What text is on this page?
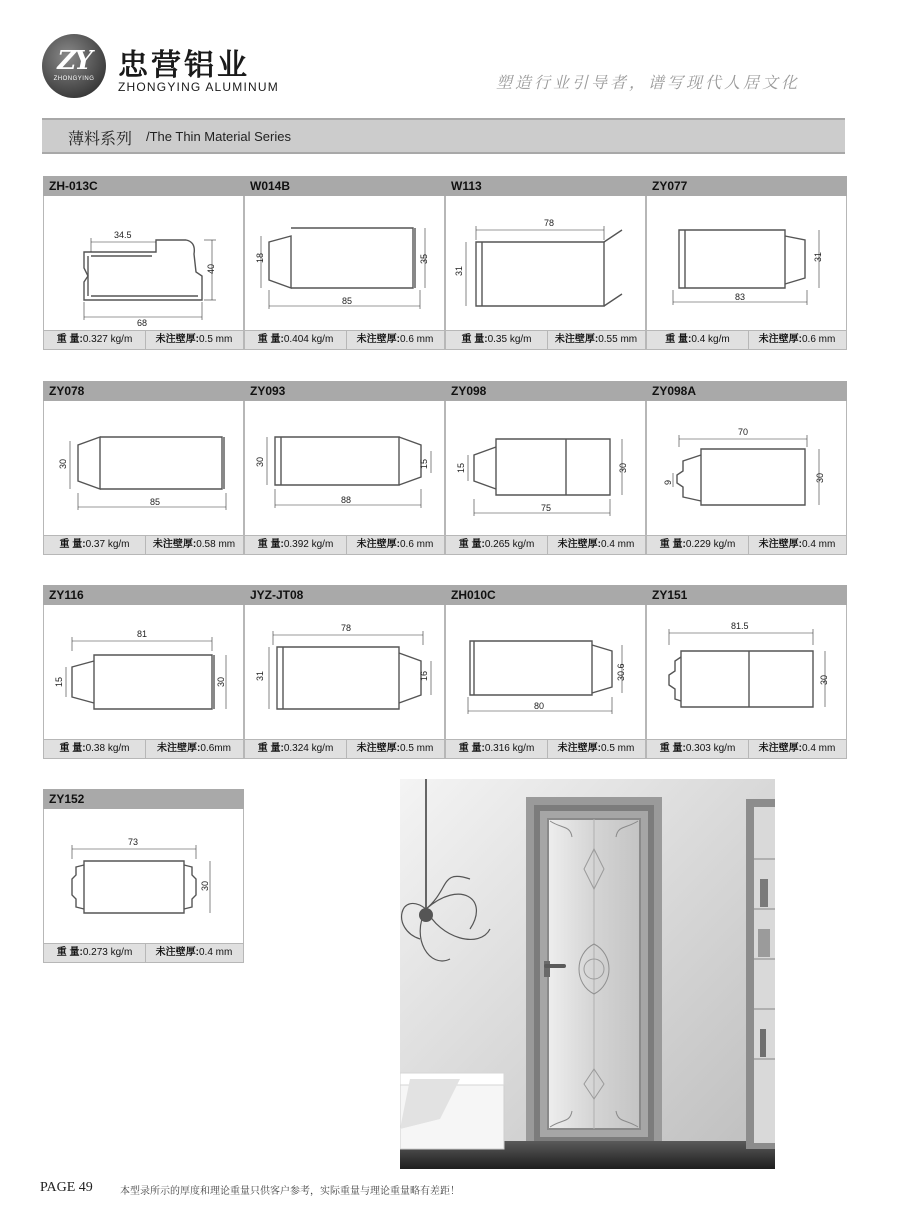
ZY
ZHONGYING 忠营铝业
ZHONGYING ALUMINUM	塑造行业引导者，谱写现代人居文化
薄料系列 /The Thin Material Series
ZH-013C
34.5
40
68
重 量:0.327 kg/m	未注壁厚:0.5 mm
W014B
18	35
85
重 量:0.404 kg/m	未注壁厚:0.6 mm
W113
78
31
重 量:0.35 kg/m	未注壁厚:0.55 mm
ZY077
31
83
重 量:0.4 kg/m	未注壁厚:0.6 mm
ZY078
30
85
重 量:0.37 kg/m	未注壁厚:0.58 mm
ZY093
30	15
88
重 量:0.392 kg/m	未注壁厚:0.6 mm
ZY098
15	30
75
重 量:0.265 kg/m	未注壁厚:0.4 mm
ZY098A
70
9	30
重 量:0.229 kg/m	未注壁厚:0.4 mm
ZY116
81
15	30
重 量:0.38 kg/m	未注壁厚:0.6mm
JYZ-JT08
78
31	16
重 量:0.324 kg/m	未注壁厚:0.5 mm
ZH010C
30.6
80
重 量:0.316 kg/m	未注壁厚:0.5 mm
ZY151
81.5
30
重 量:0.303 kg/m	未注壁厚:0.4 mm
ZY152
73
30
重 量:0.273 kg/m	未注壁厚:0.4 mm
PAGE 49	本型录所示的厚度和理论重量只供客户参考，实际重量与理论重量略有差距！
